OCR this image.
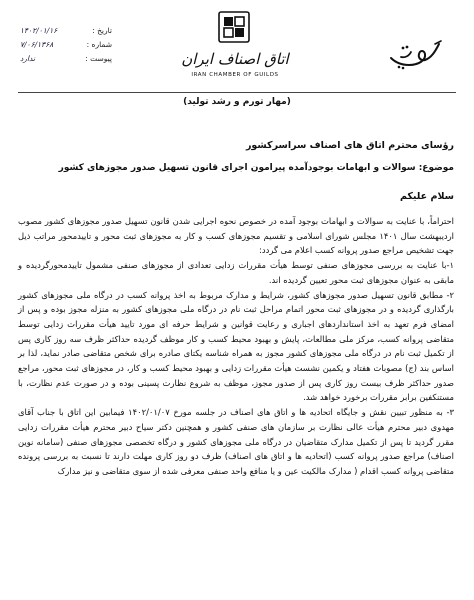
تاریخ :
۱۴۰۲/۰۱/۱۶
شماره :
۷/۰۶/۱۳۶۸
پیوست :
ندارد	اتاق اصناف ایران
IRAN CHAMBER OF GUILDS
(مهار تورم و رشد تولید)

رؤسای محترم اتاق های اصناف سراسرکشور

موضوع: سوالات و ابهامات بوجودآمده پیرامون اجرای قانون تسهیل صدور مجوزهای کشور

سلام علیکم

احتراماً، با عنایت به سوالات و ابهامات بوجود آمده در خصوص نحوه اجرایی شدن قانون تسهیل صدور مجوزهای کشور مصوب اردیبهشت سال ۱۴۰۱ مجلس شورای اسلامی و تقسیم مجوزهای کسب و کار به مجوزهای ثبت محور و تاییدمحور مراتب ذیل جهت تشخیص مراجع صدور پروانه کسب اعلام می گردد:

۱-با عنایت به بررسی مجوزهای صنفی توسط هیأت مقررات زدایی تعدادی از مجوزهای صنفی مشمول تاییدمحورگردیده و مابقی به عنوان مجوزهای ثبت محور تعیین گردیده اند.

۲- مطابق قانون تسهیل صدور مجوزهای کشور، شرایط و مدارک مربوط به اخذ پروانه کسب در درگاه ملی مجوزهای کشور بارگذاری گردیده و در مجوزهای ثبت محور اتمام مراحل ثبت نام در درگاه ملی مجوزهای کشور به منزله مجوز بوده و پس از امضای فرم تعهد به اخذ استانداردهای اجباری و رعایت قوانین و شرایط حرفه ای مورد تایید هیأت مقررات زدایی توسط متقاضی پروانه کسب، مرکز ملی مطالعات، پایش و بهبود محیط کسب و کار موظف گردیده حداکثر ظرف سه روز کاری پس از تکمیل ثبت نام در درگاه ملی مجوزهای کشور مجوز به همراه شناسه یکتای صادره برای شخص متقاضی صادر نماید، لذا بر اساس بند (ج) مصوبات هفتاد و یکمین نشست هیأت مقررات زدایی و بهبود محیط کسب و کار، در مجوزهای ثبت محور، مراجع صدور حداکثر ظرف بیست روز کاری پس از صدور مجوز، موظف به شروع نظارت پسینی بوده و در صورت عدم نظارت، با مستنکفین برابر مقررات برخورد خواهد شد.

۳- به منظور تبیین نقش و جایگاه اتحادیه ها و اتاق های اصناف در جلسه مورخ ۱۴۰۲/۰۱/۰۷ فیمابین این اتاق با جناب آقای مهدوی دبیر محترم هیأت عالی نظارت بر سازمان های صنفی کشور و همچنین دکتر سیاح دبیر محترم هیأت مقررات زدایی مقرر گردید تا پس از تکمیل مدارک متقاضیان در درگاه ملی مجوزهای کشور و درگاه تخصصی مجوزهای صنفی (سامانه نوین اصناف) مراجع صدور پروانه کسب (اتحادیه ها و اتاق های اصناف) ظرف دو روز کاری مهلت دارند تا نسبت به بررسی پرونده متقاضی پروانه کسب اقدام ( مدارک مالکیت عین و یا منافع واحد صنفی معرفی شده از سوی متقاضی و نیز مدارک
